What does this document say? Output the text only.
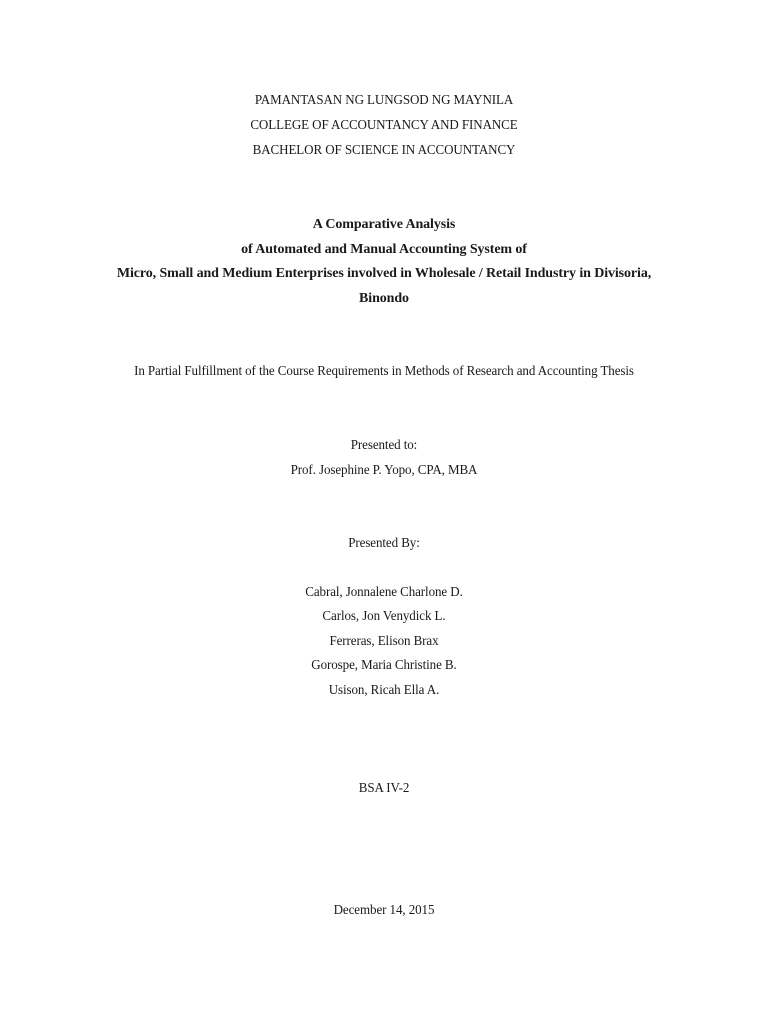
PAMANTASAN NG LUNGSOD NG MAYNILA
COLLEGE OF ACCOUNTANCY AND FINANCE
BACHELOR OF SCIENCE IN ACCOUNTANCY
A Comparative Analysis
of Automated and Manual Accounting System of
Micro, Small and Medium Enterprises involved in Wholesale / Retail Industry in Divisoria,
Binondo
In Partial Fulfillment of the Course Requirements in Methods of Research and Accounting Thesis
Presented to:
Prof. Josephine P. Yopo, CPA, MBA
Presented By:
Cabral, Jonnalene Charlone D.
Carlos, Jon Venydick L.
Ferreras, Elison Brax
Gorospe, Maria Christine B.
Usison, Ricah Ella A.
BSA IV-2
December 14, 2015
